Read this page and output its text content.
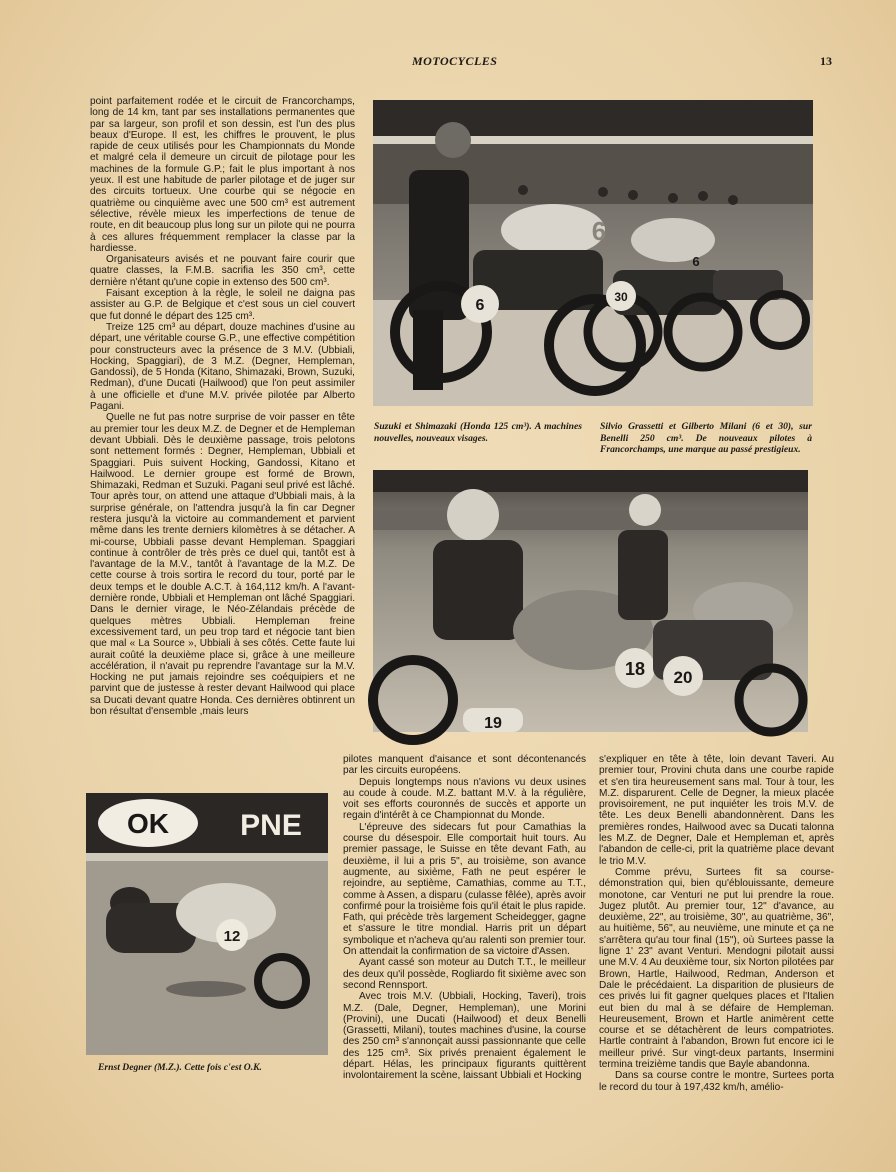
MOTOCYCLES	13

point parfaitement rodée et le circuit de Francorchamps, long de 14 km, tant par ses installations permanentes que par sa largeur, son profil et son dessin, est l'un des plus beaux d'Europe. Il est, les chiffres le prouvent, le plus rapide de ceux utilisés pour les Championnats du Monde et malgré cela il demeure un circuit de pilotage pour les machines de la formule G.P.; fait le plus important à nos yeux. Il est une habitude de parler pilotage et de juger sur des circuits tortueux. Une courbe qui se négocie en quatrième ou cinquième avec une 500 cm³ est autrement sélective, révèle mieux les imperfections de tenue de route, en dit beaucoup plus long sur un pilote qui ne pourra à ces allures fréquemment remplacer la classe par la hardiesse.

Organisateurs avisés et ne pouvant faire courir que quatre classes, la F.M.B. sacrifia les 350 cm³, cette dernière n'étant qu'une copie in extenso des 500 cm³.

Faisant exception à la règle, le soleil ne daigna pas assister au G.P. de Belgique et c'est sous un ciel couvert que fut donné le départ des 125 cm³.

Treize 125 cm³ au départ, douze machines d'usine au départ, une véritable course G.P., une effective compétition pour constructeurs avec la présence de 3 M.V. (Ubbiali, Hocking, Spaggiari), de 3 M.Z. (Degner, Hempleman, Gandossi), de 5 Honda (Kitano, Shimazaki, Brown, Suzuki, Redman), d'une Ducati (Hailwood) que l'on peut assimiler à une officielle et d'une M.V. privée pilotée par Alberto Pagani.

Quelle ne fut pas notre surprise de voir passer en tête au premier tour les deux M.Z. de Degner et de Hempleman devant Ubbiali. Dès le deuxième passage, trois pelotons sont nettement formés : Degner, Hempleman, Ubbiali et Spaggiari. Puis suivent Hocking, Gandossi, Kitano et Hailwood. Le dernier groupe est formé de Brown, Shimazaki, Redman et Suzuki. Pagani seul privé est lâché. Tour après tour, on attend une attaque d'Ubbiali mais, à la surprise générale, on l'attendra jusqu'à la fin car Degner restera jusqu'à la victoire au commandement et parvient même dans les trente derniers kilomètres à se détacher. A mi-course, Ubbiali passe devant Hempleman. Spaggiari continue à contrôler de très près ce duel qui, tantôt est à l'avantage de la M.V., tantôt à l'avantage de la M.Z. De cette course à trois sortira le record du tour, porté par le deux temps et le double A.C.T. à 164,112 km/h. A l'avant-dernière ronde, Ubbiali et Hempleman ont lâché Spaggiari. Dans le dernier virage, le Néo-Zélandais précède de quelques mètres Ubbiali. Hempleman freine excessivement tard, un peu trop tard et négocie tant bien que mal « La Source », Ubbiali à ses côtés. Cette faute lui aurait coûté la deuxième place si, grâce à une meilleure accélération, il n'avait pu reprendre l'avantage sur la M.V. Hocking ne put jamais rejoindre ses coéquipiers et ne parvint que de justesse à rester devant Hailwood qui place sa Ducati devant quatre Honda. Ces dernières obtinrent un bon résultat d'ensemble ,mais leurs

6
6
30
6
Suzuki et Shimazaki (Honda 125 cm³). A machines nouvelles, nouveaux visages.
Silvio Grassetti et Gilberto Milani (6 et 30), sur Benelli 250 cm³. De nouveaux pilotes à Francorchamps, une marque au passé prestigieux.
18 20
19

pilotes manquent d'aisance et sont décontenancés par les circuits européens.

Depuis longtemps nous n'avions vu deux usines au coude à coude. M.Z. battant M.V. à la régulière, voit ses efforts couronnés de succès et apporte un regain d'intérêt à ce Championnat du Monde.

L'épreuve des sidecars fut pour Camathias la course du désespoir. Elle comportait huit tours. Au premier passage, le Suisse en tête devant Fath, au deuxième, il lui a pris 5", au troisième, son avance augmente, au sixième, Fath ne peut espérer le rejoindre, au septième, Camathias, comme au T.T., comme à Assen, a disparu (culasse fêlée), après avoir confirmé pour la troisième fois qu'il était le plus rapide. Fath, qui précède très largement Scheidegger, gagne et s'assure le titre mondial. Harris prit un départ symbolique et n'acheva qu'au ralenti son premier tour. On attendait la confirmation de sa victoire d'Assen.

Ayant cassé son moteur au Dutch T.T., le meilleur des deux qu'il possède, Rogliardo fit sixième avec son second Rennsport.

Avec trois M.V. (Ubbiali, Hocking, Taveri), trois M.Z. (Dale, Degner, Hempleman), une Morini (Provini), une Ducati (Hailwood) et deux Benelli (Grassetti, Milani), toutes machines d'usine, la course des 250 cm³ s'annonçait aussi passionnante que celle des 125 cm³. Six privés prenaient également le départ. Hélas, les principaux figurants quittèrent involontairement la scène, laissant Ubbiali et Hocking

s'expliquer en tête à tête, loin devant Taveri. Au premier tour, Provini chuta dans une courbe rapide et s'en tira heureusement sans mal. Tour à tour, les M.Z. disparurent. Celle de Degner, la mieux placée provisoirement, ne put inquiéter les trois M.V. de tête. Les deux Benelli abandonnèrent. Dans les premières rondes, Hailwood avec sa Ducati talonna les M.Z. de Degner, Dale et Hempleman et, après l'abandon de celle-ci, prit la quatrième place devant le trio M.V.

Comme prévu, Surtees fit sa course-démonstration qui, bien qu'éblouissante, demeure monotone, car Venturi ne put lui prendre la roue. Jugez plutôt. Au premier tour, 12" d'avance, au deuxième, 22", au troisième, 30", au quatrième, 36", au huitième, 56", au neuvième, une minute et ça ne s'arrêtera qu'au tour final (15"), où Surtees passe la ligne 1' 23" avant Venturi. Mendogni pilotait aussi une M.V. 4 Au deuxième tour, six Norton pilotées par Brown, Hartle, Hailwood, Redman, Anderson et Dale le précédaient. La disparition de plusieurs de ces privés lui fit gagner quelques places et l'Italien eut bien du mal à se défaire de Hempleman. Heureusement, Brown et Hartle animèrent cette course et se détachèrent de leurs compatriotes. Hartle contraint à l'abandon, Brown fut encore ici le meilleur privé. Sur vingt-deux partants, Insermini termina treizième tandis que Bayle abandonna.

Dans sa course contre le montre, Surtees porta le record du tour à 197,432 km/h, amélio-

OK PNE
12
Ernst Degner (M.Z.). Cette fois c'est O.K.
